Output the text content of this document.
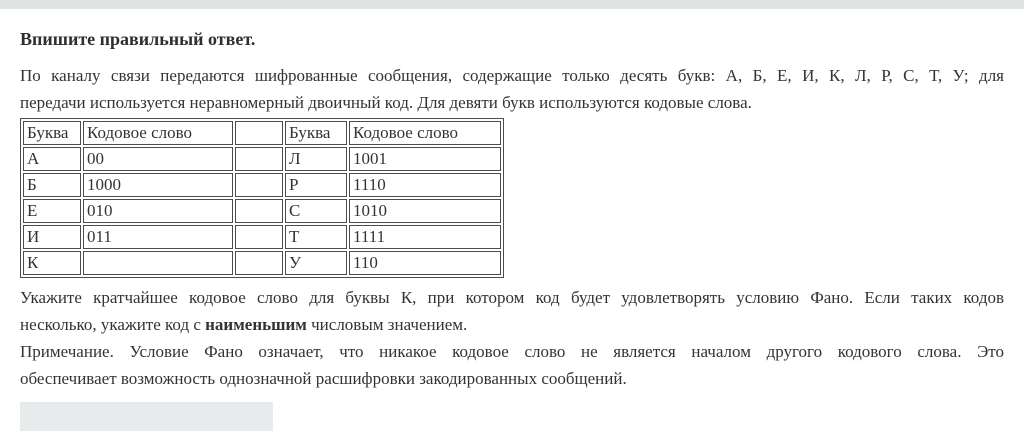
Впишите правильный ответ.

По каналу связи передаются шифрованные сообщения, содержащие только десять букв: А, Б, Е, И, К, Л, Р, С, Т, У; для
передачи используется неравномерный двоичный код. Для девяти букв используются кодовые слова.

Буква	Кодовое слово		Буква	Кодовое слово
А	00		Л	1001
Б	1000		Р	1110
Е	010		С	1010
И	011		Т	1111
К			У	110

Укажите кратчайшее кодовое слово для буквы К, при котором код будет удовлетворять условию Фано. Если таких кодов
несколько, укажите код с наименьшим числовым значением.

Примечание. Условие Фано означает, что никакое кодовое слово не является началом другого кодового слова. Это
обеспечивает возможность однозначной расшифровки закодированных сообщений.
